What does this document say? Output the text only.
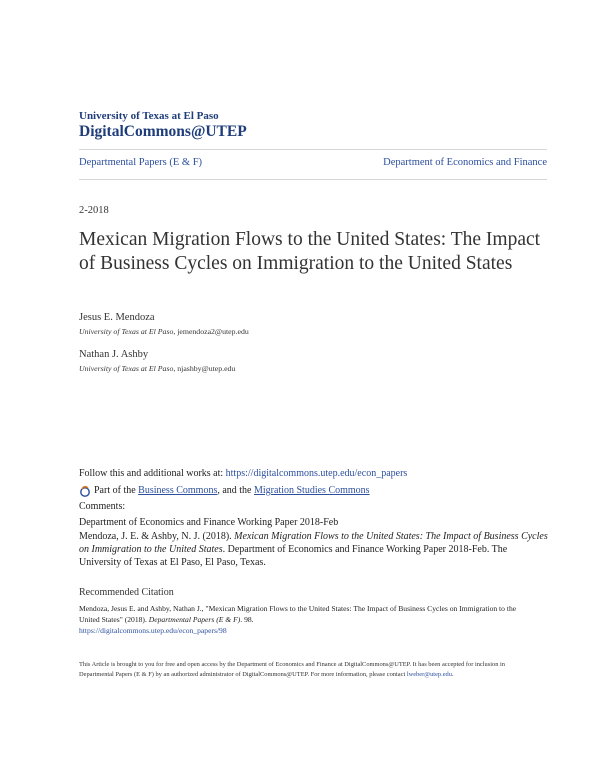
University of Texas at El Paso
DigitalCommons@UTEP
Departmental Papers (E & F)	Department of Economics and Finance
2-2018
Mexican Migration Flows to the United States: The Impact of Business Cycles on Immigration to the United States
Jesus E. Mendoza
University of Texas at El Paso, jemendoza2@utep.edu
Nathan J. Ashby
University of Texas at El Paso, njashby@utep.edu
Follow this and additional works at: https://digitalcommons.utep.edu/econ_papers
Part of the
Business Commons , and the
Migration Studies Commons
Comments:
Department of Economics and Finance Working Paper 2018-Feb
Mendoza, J. E. & Ashby, N. J. (2018). Mexican Migration Flows to the United States: The Impact of Business Cycles on Immigration to the United States. Department of Economics and Finance Working Paper 2018-Feb. The University of Texas at El Paso, El Paso, Texas.
Recommended Citation
Mendoza, Jesus E. and Ashby, Nathan J., "Mexican Migration Flows to the United States: The Impact of Business Cycles on Immigration to the United States" (2018). Departmental Papers (E & F). 98.
https://digitalcommons.utep.edu/econ_papers/98
This Article is brought to you for free and open access by the Department of Economics and Finance at DigitalCommons@UTEP. It has been accepted for inclusion in Departmental Papers (E & F) by an authorized administrator of DigitalCommons@UTEP. For more information, please contact lweber@utep.edu.
